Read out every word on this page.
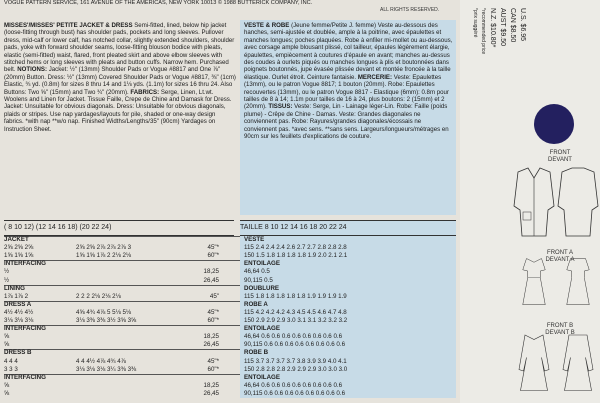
VOGUE PATTERN SERVICE, 161 AVENUE OF THE AMERICAS, NEW YORK 10013 © 1988 BUTTERICK COMPANY, INC.
ALL RIGHTS RESERVED.
MISSES'/MISSES' PETITE JACKET & DRESS Semi-fitted, lined, below hip jacket (loose-fitting through bust) has shoulder pads, pockets and long sleeves. Pullover dress, mid-calf or lower calf, has notched collar, slightly extended shoulders, shoulder pads, yoke with forward shoulder seams, loose-fitting blouson bodice with pleats, elastic (semi-fitted) waist, flared, front pleated skirt and above elbow sleeves with stitched hems or long sleeves with pleats and button cuffs. Narrow hem. Purchased belt. NOTIONS: Jacket: ½" (13mm) Shoulder Pads or Vogue #8817 and One ⅞" (20mm) Button. Dress: ½" (13mm) Covered Shoulder Pads or Vogue #8817, ⅜" (1cm) Elastic, ¾ yd. (0.8m) for sizes 8 thru 14 and 1⅛ yds. (1.1m) for sizes 16 thru 24. Also Buttons: Two ⅝" (15mm) and Two ¾" (20mm). FABRICS: Serge, Linen, Lt.wt. Woolens and Linen for Jacket. Tissue Faille, Crepe de Chine and Damask for Dress. Jacket: Unsuitable for obvious diagonals. Dress: Unsuitable for obvious diagonals, plaids or stripes. Use nap yardages/layouts for pile, shaded or one-way design fabrics. *with nap **w/o nap. Finished Widths/Lengths/35" (90cm) Yardages on Instruction Sheet.
VESTE & ROBE (Jeune femme/Petite J. femme) Veste au-dessous des hanches, semi-ajustée et doublée, ample à la poitrine, avec épaulettes et manches longues; poches plaquées. Robe à enfiler mi-mollet ou au-dessous, avec corsage ample blousant plissé, col tailleur, épaules légèrement élargie, épaulettes, empiècement à coutures d'épaule en avant; manches au-dessus des coudes à ourlets piqués ou manches longues à plis et boutonnées dans poignets boutonnés, jupe évasée plissée devant et montée froncée à la taille élastique. Ourlet étroit. Ceinture fantaisie. MERCERIE: Veste: Epaulettes (13mm), ou le patron Vogue 8817; 1 bouton (20mm). Robe: Epaulettes recouvertes (13mm), ou le patron Vogue 8817 - Elastique (6mm): 0.8m pour tailles de 8 à 14; 1.1m pour tailles de 16 à 24, plus boutons: 2 (15mm) et 2 (20mm). TISSUS: Veste: Serge, Lin - Lainage léger-Lin. Robe: Faille (poids plume) - Crêpe de Chine - Damas. Veste: Grandes diagonales ne conviennent pas. Robe: Rayures/grandes diagonales/écossais ne conviennent pas. *avec sens. **sans sens. Largeurs/longueurs/métrages en 90cm sur les feuillets d'explications de couture.
( 8 10 12) (12 14 16 18) (20 22 24)	TAILLE 8 10 12 14 16 18 20 22 24
VESTE
JACKET
115 2.4 2.4 2.4 2.6 2.7 2.7 2.8 2.8 2.8
2⅝ 2⅝ 2⅝	2⅝ 2⅝ 2⅞ 2⅞ 2⅞ 3	45"*
150 1.5 1.8 1.8 1.8 1.8 1.9 2.0 2.1 2.1
1⅝ 1⅝ 1⅝	1⅝ 1⅝ 1⅞ 2 2⅛ 2⅛	60"*
ENTOILAGE
INTERFACING
46,64 0.5
½	18,25
90,115 0.5
½	26,45
DOUBLURE
LINING
115 1.8 1.8 1.8 1.8 1.8 1.9 1.9 1.9 1.9
1⅞ 1⅞ 2	2 2 2 2⅛ 2⅛ 2⅛	45"
ROBE A
DRESS A
115 4.2 4.2 4.2 4.3 4.5 4.5 4.6 4.7 4.8
4½ 4½ 4½	4⅝ 4¾ 4⅞ 5 5⅛ 5⅛	45"*
150 2.9 2.9 2.9 3.0 3.1 3.1 3.2 3.2 3.2
3⅛ 3⅛ 3⅛	3⅛ 3⅜ 3⅜ 3½ 3⅝ 3⅝	60"*
ENTOILAGE
INTERFACING
46,64 0.6 0.6 0.6 0.6 0.6 0.6 0.6 0.6
⅝	18,25
90,115 0.6 0.6 0.6 0.6 0.6 0.6 0.6 0.6
⅝	26,45
ROBE B
DRESS B
115 3.7 3.7 3.7 3.7 3.8 3.9 3.9 4.0 4.1
4 4 4	4 4 4½ 4⅞ 4¾ 4⅞	45"*
150 2.8 2.8 2.8 2.9 2.9 2.9 3.0 3.0 3.0
3 3 3	3⅛ 3⅛ 3⅛ 3¼ 3⅜ 3⅜	60"*
ENTOILAGE
INTERFACING
46,64 0.6 0.6 0.6 0.6 0.6 0.6 0.6 0.6
⅝	18,25
90,115 0.6 0.6 0.6 0.6 0.6 0.6 0.6 0.6
⅝	26,45
U.S. $6.95
CAN $8.50
AUST $9.50
N.Z. $10.80*
*recommended price
*prix suggéré
FRONT
DEVANT
FRONT A
DEVANT A
FRONT B
DEVANT B
